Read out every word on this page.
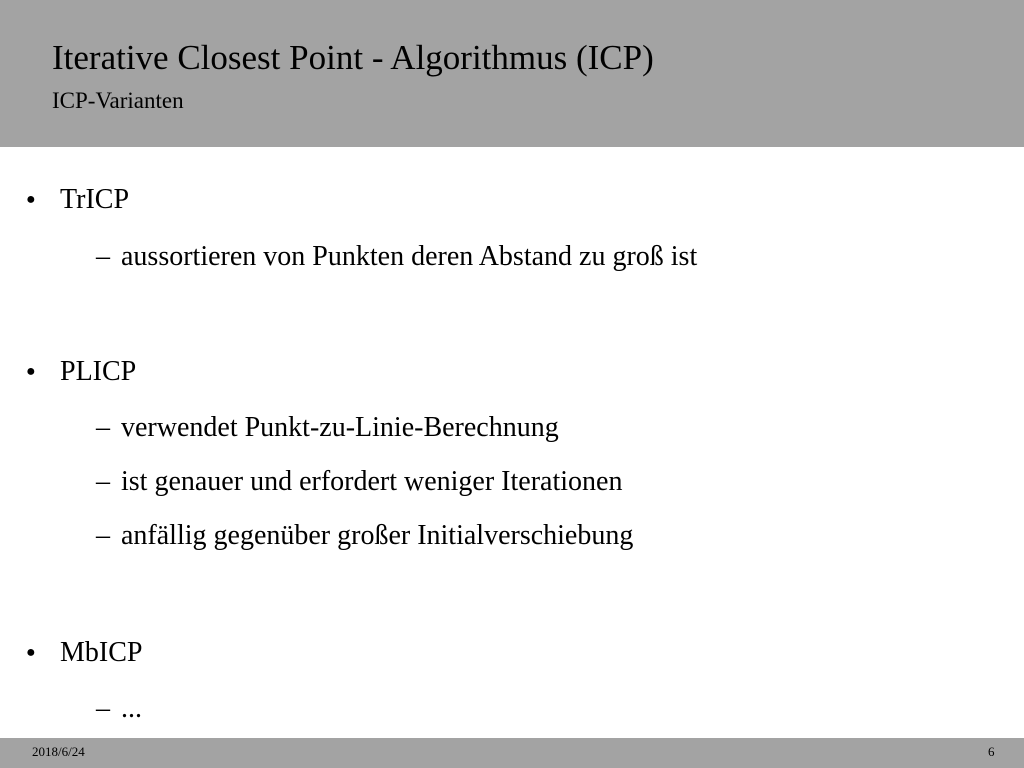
Iterative Closest Point - Algorithmus (ICP)
ICP-Varianten
● TrICP
– aussortieren von Punkten deren Abstand zu groß ist
● PLICP
– verwendet Punkt-zu-Linie-Berechnung
– ist genauer und erfordert weniger Iterationen
– anfällig gegenüber großer Initialverschiebung
● MbICP
– ...
2018/6/24	6
